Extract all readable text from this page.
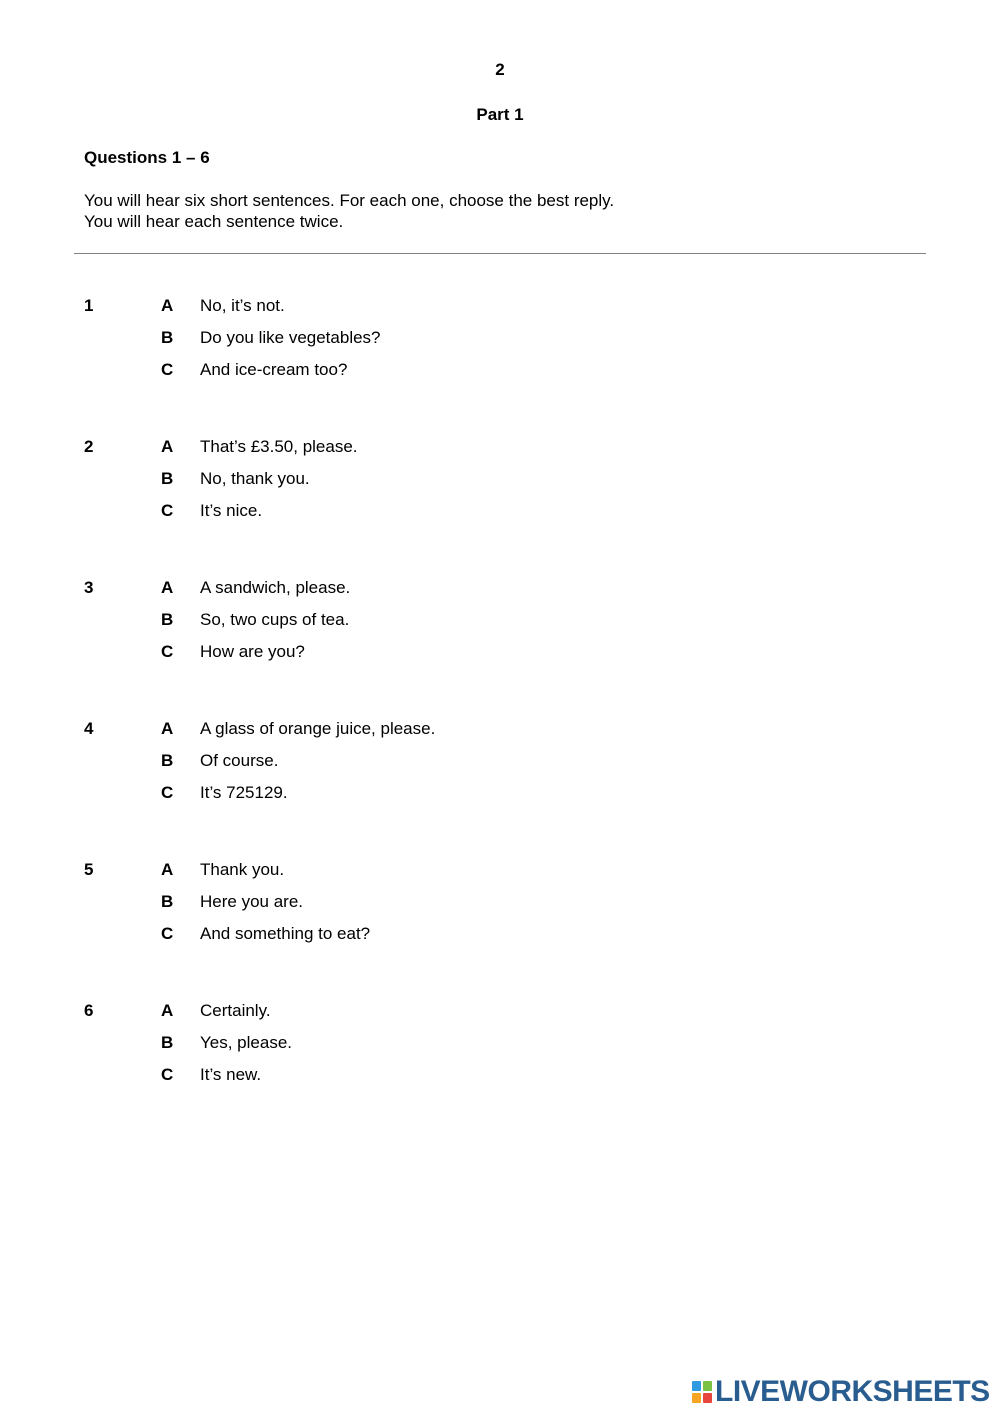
2
Part 1
Questions 1 – 6
You will hear six short sentences. For each one, choose the best reply.
You will hear each sentence twice.
1	A No, it’s not.
B Do you like vegetables?
C And ice-cream too?
2	A That’s £3.50, please.
B No, thank you.
C It’s nice.
3	A A sandwich, please.
B So, two cups of tea.
C How are you?
4	A A glass of orange juice, please.
B Of course.
C It’s 725129.
5	A Thank you.
B Here you are.
C And something to eat?
6	A Certainly.
B Yes, please.
C It’s new.
LIVEWORKSHEETS
